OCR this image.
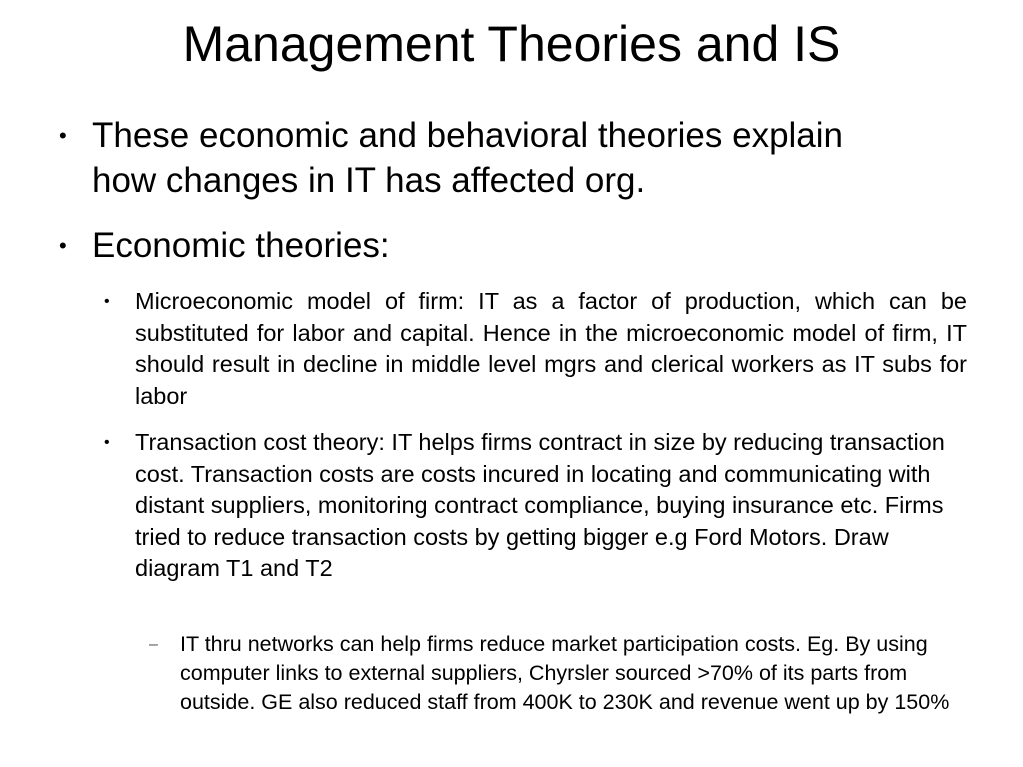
Management Theories and IS

• These economic and behavioral theories explain how changes in IT has affected org.

• Economic theories:

• Microeconomic model of firm: IT as a factor of production, which can be substituted for labor and capital. Hence in the microeconomic model of firm, IT should result in decline in middle level mgrs and clerical workers as IT subs for labor

• Transaction cost theory: IT helps firms contract in size by reducing transaction cost. Transaction costs are costs incured in locating and communicating with distant suppliers, monitoring contract compliance, buying insurance etc. Firms tried to reduce transaction costs by getting bigger e.g Ford Motors. Draw diagram T1 and T2

– IT thru networks can help firms reduce market participation costs. Eg. By using computer links to external suppliers, Chyrsler sourced >70% of its parts from outside. GE also reduced staff from 400K to 230K and revenue went up by 150%
